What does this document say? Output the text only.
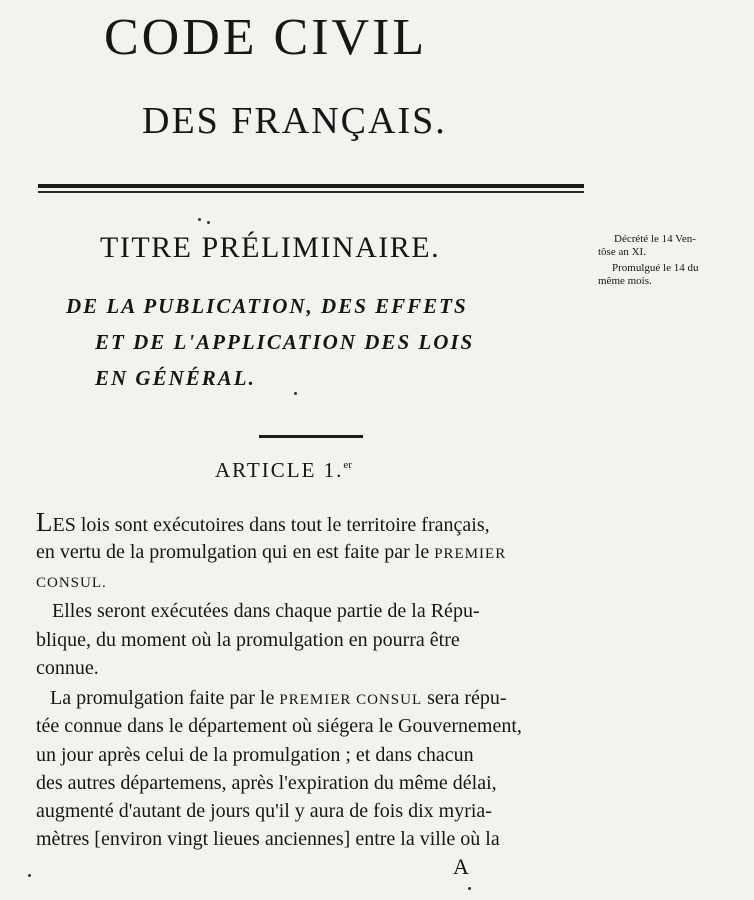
CODE CIVIL
DES FRANÇAIS.
TITRE PRÉLIMINAIRE.	Décrété le 14 Ven-
tôse an XI.
Promulgué le 14 du
même mois.
DE LA PUBLICATION, DES EFFETS
ET DE L'APPLICATION DES LOIS
EN GÉNÉRAL.
ARTICLE 1.$^{er}$
LES lois sont exécutoires dans tout le territoire français,
en vertu de la promulgation qui en est faite par le PREMIER
CONSUL.
Elles seront exécutées dans chaque partie de la Répu-
blique, du moment où la promulgation en pourra être
connue.
La promulgation faite par le PREMIER CONSUL sera répu-
tée connue dans le département où siégera le Gouvernement,
un jour après celui de la promulgation ; et dans chacun
des autres départemens, après l'expiration du même délai,
augmenté d'autant de jours qu'il y aura de fois dix myria-
mètres [environ vingt lieues anciennes] entre la ville où la
A
